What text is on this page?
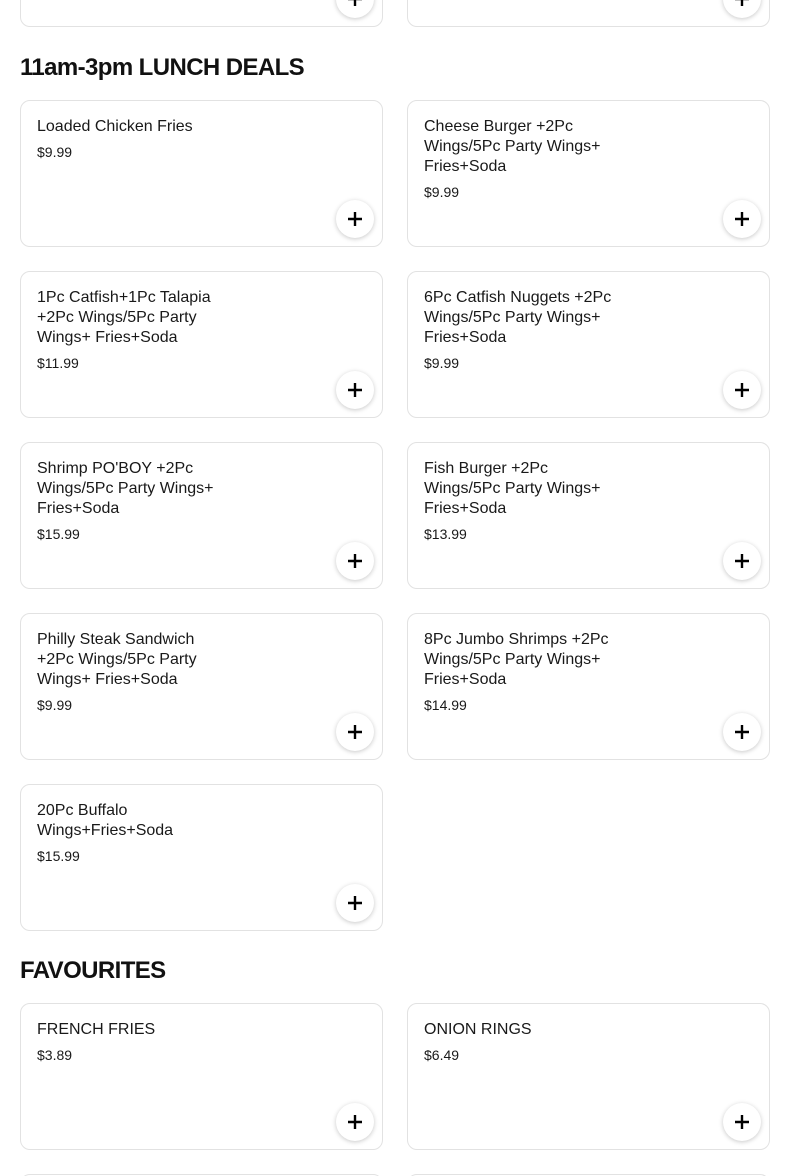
11am-3pm LUNCH DEALS
Loaded Chicken Fries
$9.99
Cheese Burger +2Pc Wings/5Pc Party Wings+ Fries+Soda
$9.99
1Pc Catfish+1Pc Talapia +2Pc Wings/5Pc Party Wings+ Fries+Soda
$11.99
6Pc Catfish Nuggets +2Pc Wings/5Pc Party Wings+ Fries+Soda
$9.99
Shrimp PO'BOY +2Pc Wings/5Pc Party Wings+ Fries+Soda
$15.99
Fish Burger +2Pc Wings/5Pc Party Wings+ Fries+Soda
$13.99
Philly Steak Sandwich +2Pc Wings/5Pc Party Wings+ Fries+Soda
$9.99
8Pc Jumbo Shrimps +2Pc Wings/5Pc Party Wings+ Fries+Soda
$14.99
20Pc Buffalo Wings+Fries+Soda
$15.99
FAVOURITES
FRENCH FRIES
$3.89
ONION RINGS
$6.49
